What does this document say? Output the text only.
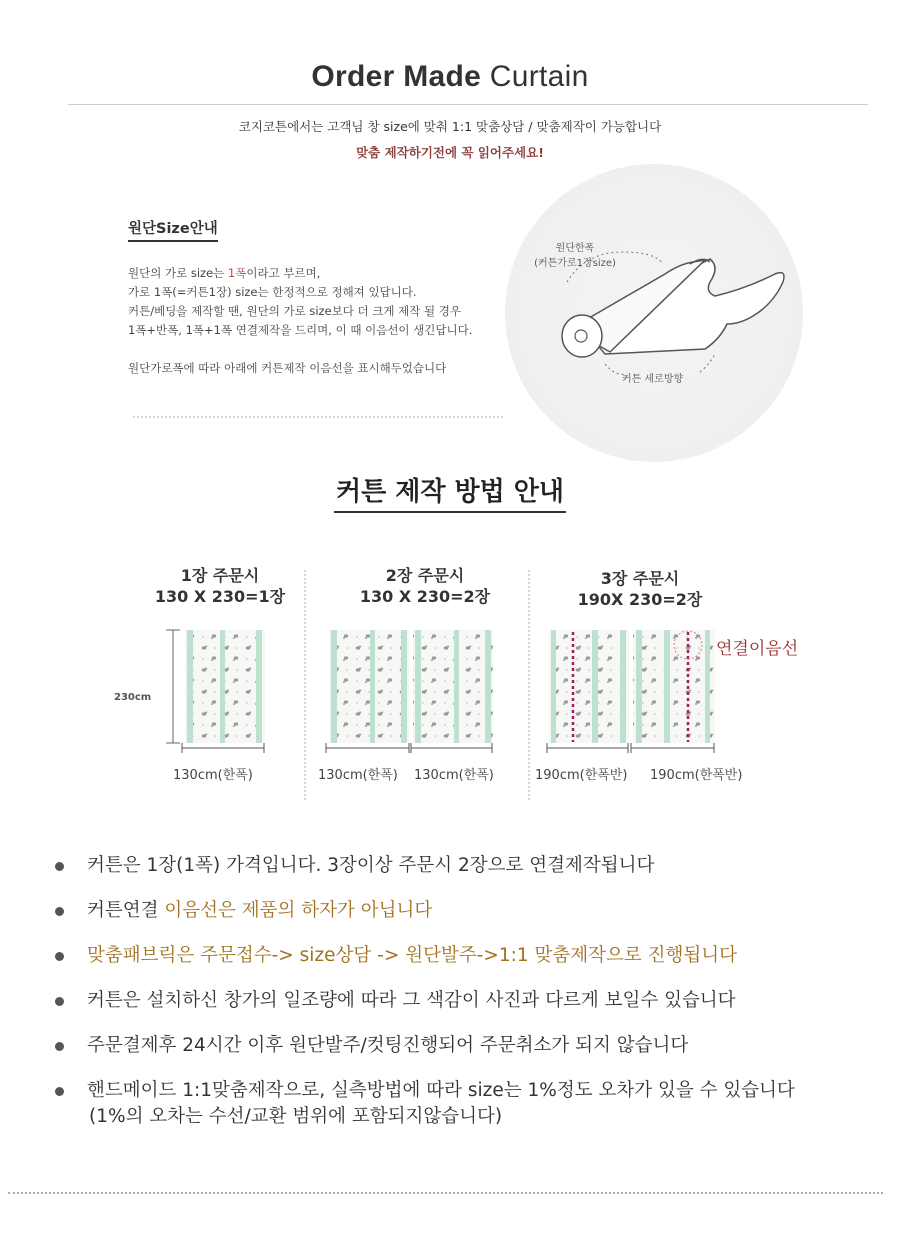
Order Made Curtain
코지코튼에서는 고객님 창 size에 맞춰 1:1 맞춤상담 / 맞춤제작이 가능합니다
맞춤 제작하기전에 꼭 읽어주세요!
원단Size안내
원단의 가로 size는 1폭이라고 부르며,
가로 1폭(=커튼1장) size는 한정적으로 정해져 있답니다.
커튼/베딩을 제작할 땐, 원단의 가로 size보다 더 크게 제작 될 경우
1폭+반폭, 1폭+1폭 연결제작을 드리며, 이 때 이음선이 생긴답니다.
원단가로폭에 따라 아래에 커튼제작 이음선을 표시해두었습니다
원단한폭
(커튼가로1장size)
커튼 세로방향
커튼 제작 방법 안내
1장 주문시
130 X 230=1장
2장 주문시
130 X 230=2장
3장 주문시
190X 230=2장
230cm
연결이음선
130cm(한폭)	130cm(한폭) 130cm(한폭)	190cm(한폭반) 190cm(한폭반)
커튼은 1장(1폭) 가격입니다. 3장이상 주문시 2장으로 연결제작됩니다
커튼연결 이음선은 제품의 하자가 아닙니다
맞춤패브릭은 주문접수-> size상담 -> 원단발주->1:1 맞춤제작으로 진행됩니다
커튼은 설치하신 창가의 일조량에 따라 그 색감이 사진과 다르게 보일수 있습니다
주문결제후 24시간 이후 원단발주/컷팅진행되어 주문취소가 되지 않습니다
핸드메이드 1:1맞춤제작으로, 실측방법에 따라 size는 1%정도 오차가 있을 수 있습니다
(1%의 오차는 수선/교환 범위에 포함되지않습니다)
